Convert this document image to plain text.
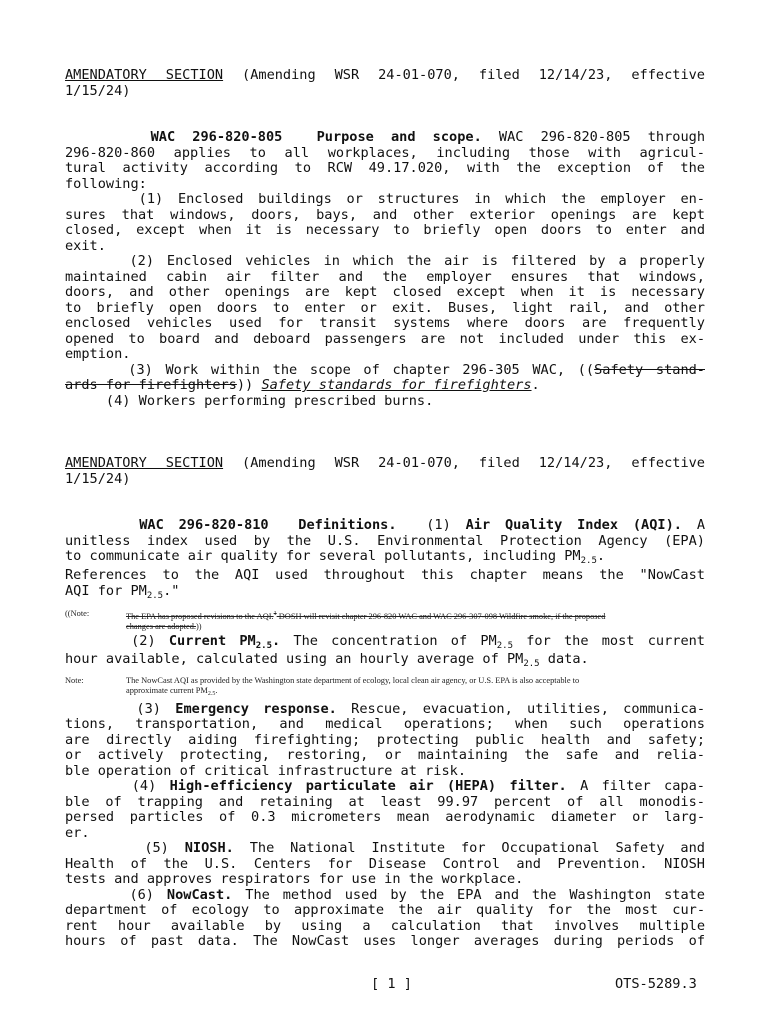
AMENDATORY SECTION (Amending WSR 24-01-070, filed 12/14/23, effective
1/15/24)
WAC 296-820-805  Purpose and scope. WAC 296-820-805 through
296-820-860 applies to all workplaces, including those with agricul-
tural activity according to RCW 49.17.020, with the exception of the
following:
(1) Enclosed buildings or structures in which the employer en-
sures that windows, doors, bays, and other exterior openings are kept
closed, except when it is necessary to briefly open doors to enter and
exit.
(2) Enclosed vehicles in which the air is filtered by a properly
maintained cabin air filter and the employer ensures that windows,
doors, and other openings are kept closed except when it is necessary
to briefly open doors to enter or exit. Buses, light rail, and other
enclosed vehicles used for transit systems where doors are frequently
opened to board and deboard passengers are not included under this ex-
emption.
(3) Work within the scope of chapter 296-305 WAC, ((Safety stand-
ards for firefighters)) Safety standards for firefighters.
(4) Workers performing prescribed burns.
AMENDATORY SECTION (Amending WSR 24-01-070, filed 12/14/23, effective
1/15/24)
WAC 296-820-810  Definitions.  (1) Air Quality Index (AQI). A
unitless index used by the U.S. Environmental Protection Agency (EPA)
to communicate air quality for several pollutants, including $PM_{2.5}$.
References to the AQI used throughout this chapter means the "NowCast
AQI for $PM_{2.5}$."
((Note:	The EPA has proposed revisions to the AQI.$^1$ DOSH will revisit chapter 296-820 WAC and WAC 296-307-098 Wildfire smoke, if the proposed
changes are adopted.))
(2) Current $PM_{2.5}$. The concentration of $PM_{2.5}$ for the most current
hour available, calculated using an hourly average of $PM_{2.5}$ data.
Note:	The NowCast AQI as provided by the Washington state department of ecology, local clean air agency, or U.S. EPA is also acceptable to
approximate current $PM_{2.5}$.
(3) Emergency response. Rescue, evacuation, utilities, communica-
tions, transportation, and medical operations; when such operations
are directly aiding firefighting; protecting public health and safety;
or actively protecting, restoring, or maintaining the safe and relia-
ble operation of critical infrastructure at risk.
(4) High-efficiency particulate air (HEPA) filter. A filter capa-
ble of trapping and retaining at least 99.97 percent of all monodis-
persed particles of 0.3 micrometers mean aerodynamic diameter or larg-
er.
(5) NIOSH. The National Institute for Occupational Safety and
Health of the U.S. Centers for Disease Control and Prevention. NIOSH
tests and approves respirators for use in the workplace.
(6) NowCast. The method used by the EPA and the Washington state
department of ecology to approximate the air quality for the most cur-
rent hour available by using a calculation that involves multiple
hours of past data. The NowCast uses longer averages during periods of
[ 1 ]	OTS-5289.3
